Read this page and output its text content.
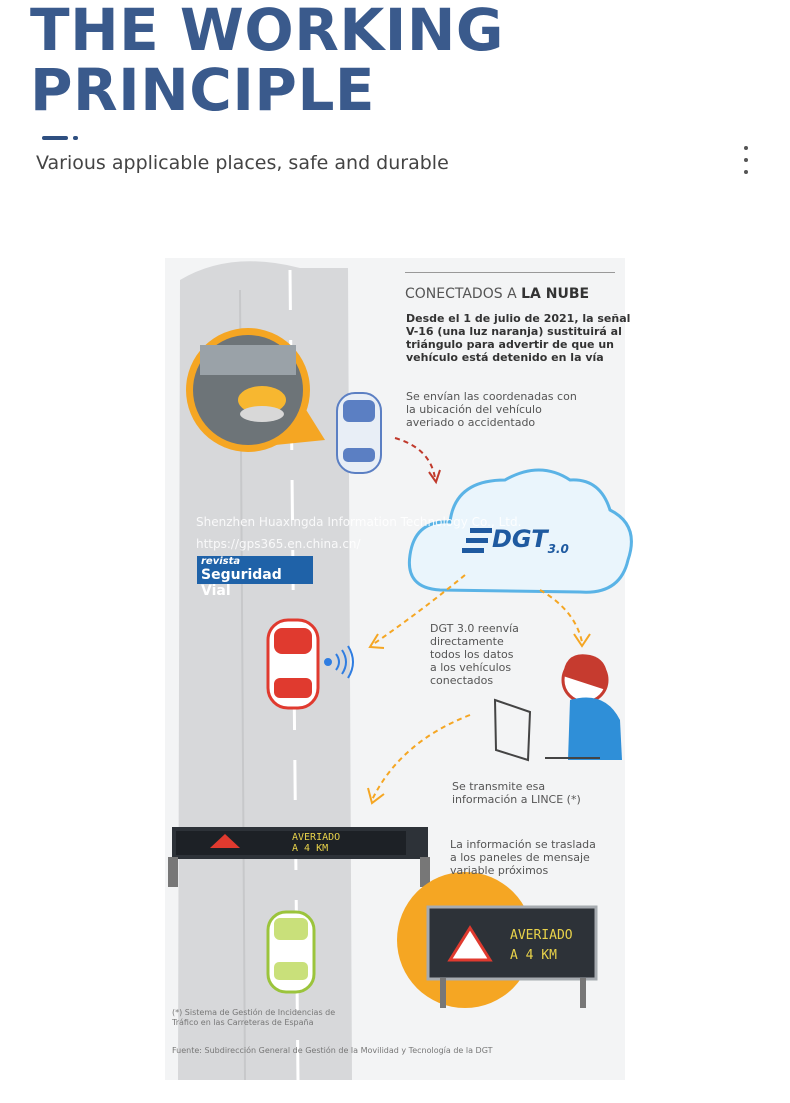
THE WORKING
PRINCIPLE
Various applicable places, safe and durable
CONECTADOS A LA NUBE
Desde el 1 de julio de 2021, la señal
V-16 (una luz naranja) sustituirá al
triángulo para advertir de que un
vehículo está detenido en la vía
Se envían las coordenadas con
la ubicación del vehículo
averiado o accidentado
$DGT_{3.0}$
DGT 3.0 reenvía
directamente
todos los datos
a los vehículos
conectados
Se transmite esa
información a LINCE (*)
La información se traslada
a los paneles de mensaje
variable próximos
revista
Seguridad Vial
AVERIADO
A 4 KM
AVERIADO
A 4 KM
(*) Sistema de Gestión de Incidencias de
Tráfico en las Carreteras de España
Fuente: Subdirección General de Gestión de la Movilidad y Tecnología de la DGT
Shenzhen Huaxingda Information Technology Co., Ltd.
https://gps365.en.china.cn/
